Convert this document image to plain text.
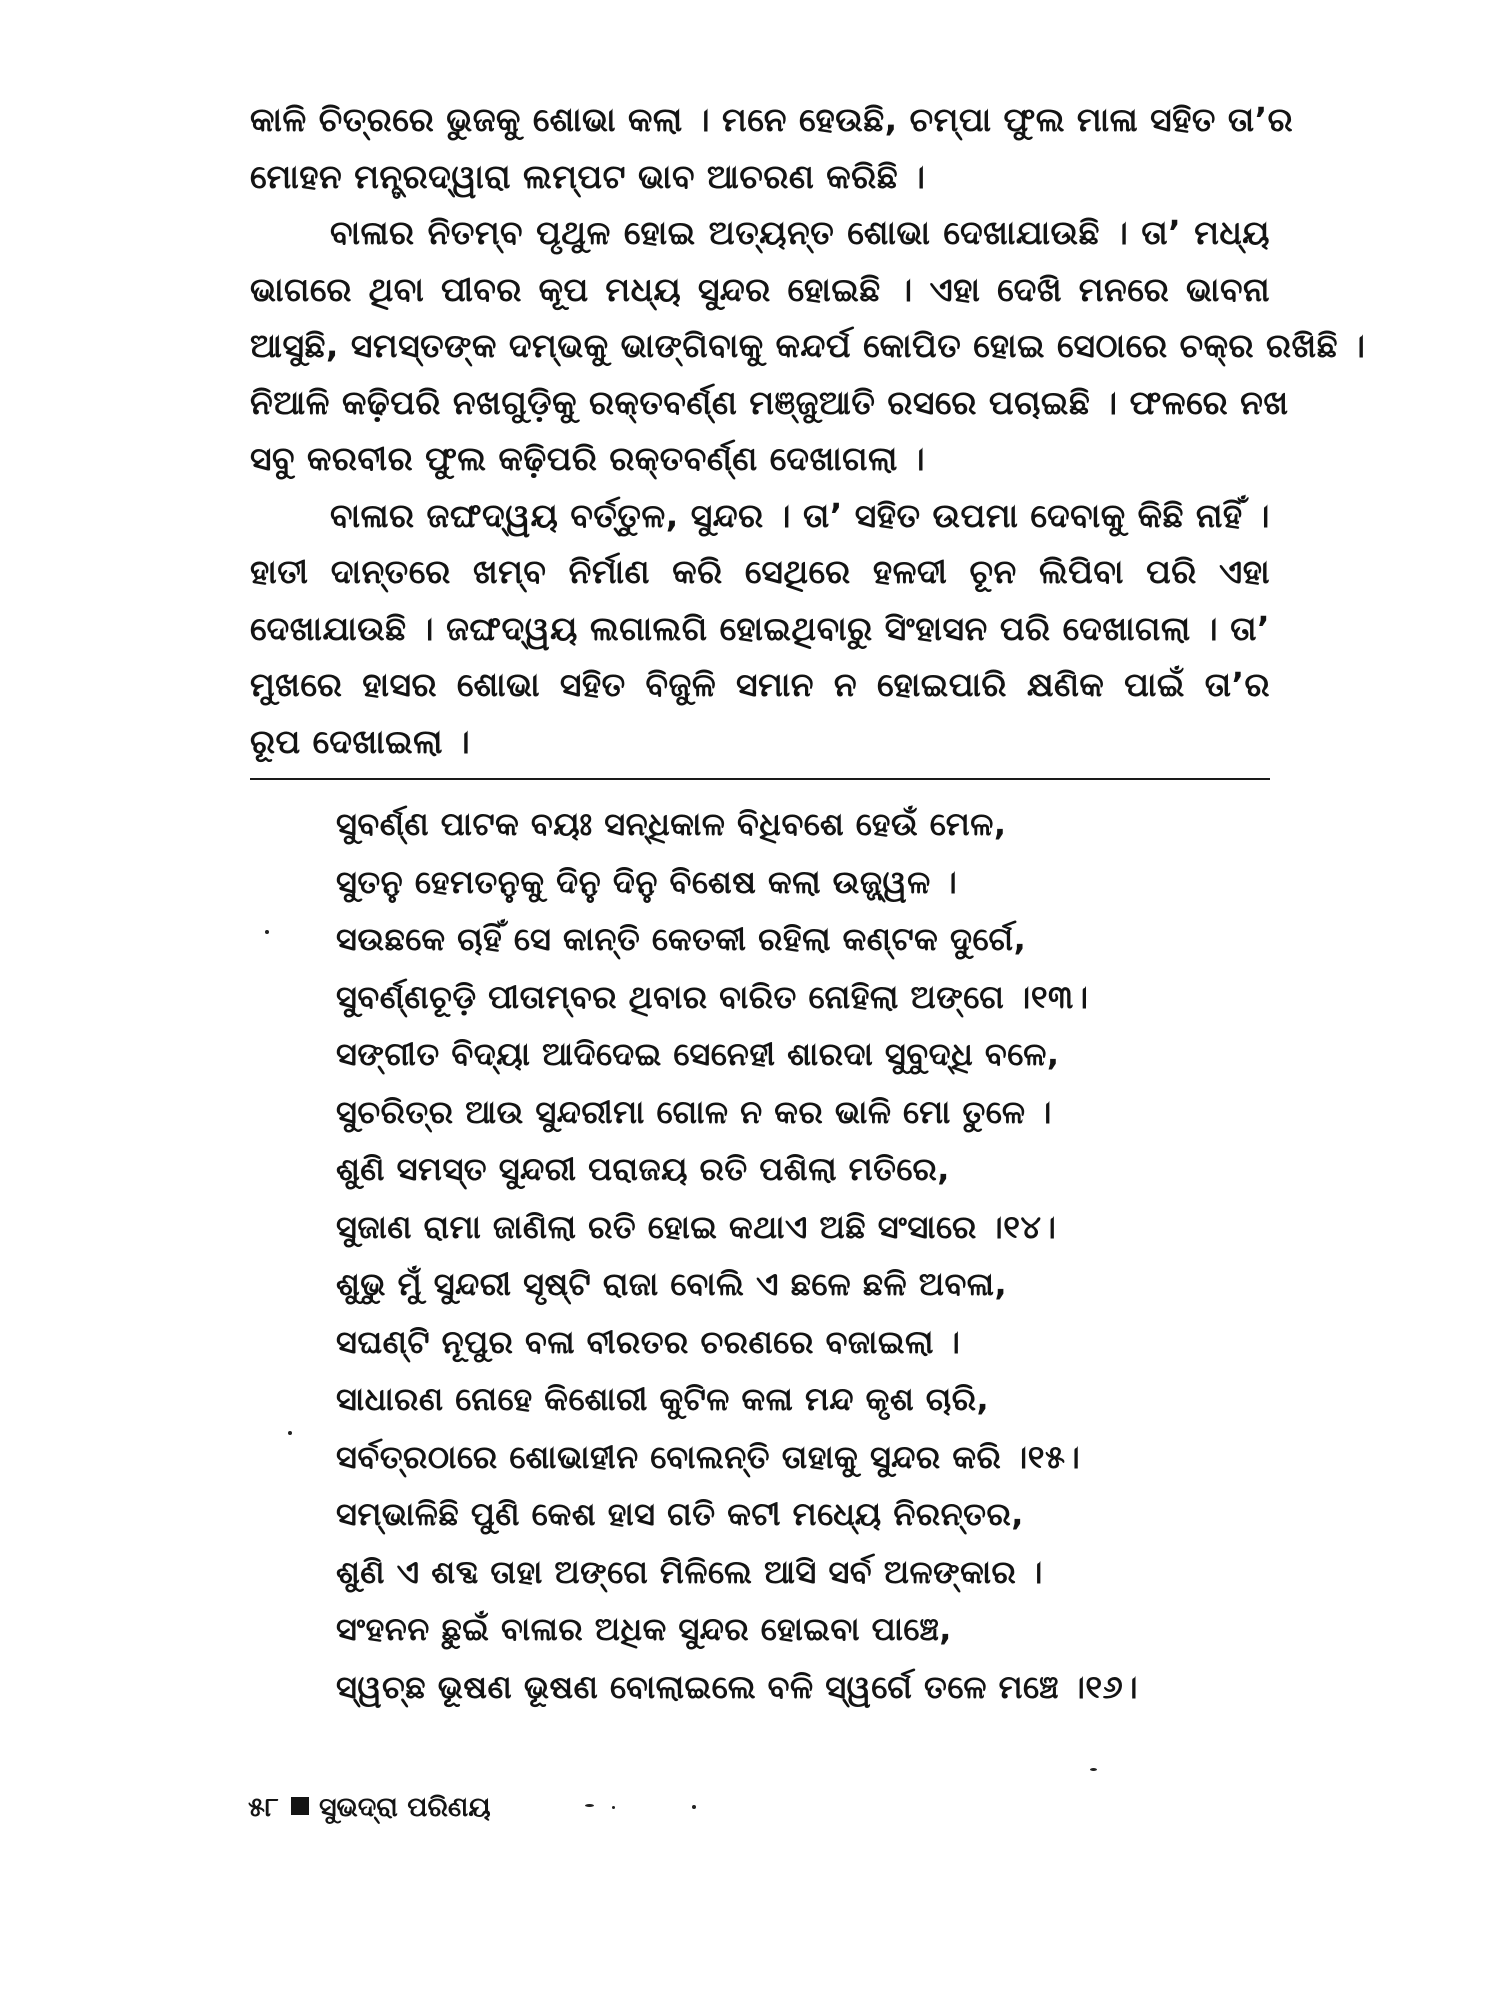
କାଳି ଚିତ୍ରରେ ଭୁଜକୁ ଶୋଭା କଲା । ମନେ ହେଉଛି, ଚମ୍ପା ଫୁଲ ମାଳା ସହିତ ତା’ର
ମୋହନ ମନ୍ତ୍ରଦ୍ୱାରା ଲମ୍ପଟ ଭାବ ଆଚରଣ କରିଛି ।
ବାଳାର ନିତମ୍ବ ପୃଥୁଳ ହୋଇ ଅତ୍ୟନ୍ତ ଶୋଭା ଦେଖାଯାଉଛି । ତା’ ମଧ୍ୟ
ଭାଗରେ ଥିବା ପୀବର କୂପ ମଧ୍ୟ ସୁନ୍ଦର ହୋଇଛି । ଏହା ଦେଖି ମନରେ ଭାବନା
ଆସୁଛି, ସମସ୍ତଙ୍କ ଦମ୍ଭକୁ ଭାଙ୍ଗିବାକୁ କନ୍ଦର୍ପ କୋପିତ ହୋଇ ସେଠାରେ ଚକ୍ର ରଖିଛି ।
ନିଆଳି କଢ଼ିପରି ନଖଗୁଡ଼ିକୁ ରକ୍ତବର୍ଣ୍ଣ ମଞ୍ଜୁଆତି ରସରେ ପଚାଇଛି । ଫଳରେ ନଖ
ସବୁ କରବୀର ଫୁଲ କଢ଼ିପରି ରକ୍ତବର୍ଣ୍ଣ ଦେଖାଗଲା ।
ବାଳାର ଜଙ୍ଘଦ୍ୱୟ ବର୍ତ୍ତୁଳ, ସୁନ୍ଦର । ତା’ ସହିତ ଉପମା ଦେବାକୁ କିଛି ନାହିଁ ।
ହାତୀ ଦାନ୍ତରେ ଖମ୍ବ ନିର୍ମାଣ କରି ସେଥିରେ ହଳଦୀ ଚୂନ ଲିପିବା ପରି ଏହା
ଦେଖାଯାଉଛି । ଜଙ୍ଘଦ୍ୱୟ ଲଗାଲଗି ହୋଇଥିବାରୁ ସିଂହାସନ ପରି ଦେଖାଗଲା । ତା’
ମୁଖରେ ହାସର ଶୋଭା ସହିତ ବିଜୁଳି ସମାନ ନ ହୋଇପାରି କ୍ଷଣିକ ପାଇଁ ତା’ର
ରୂପ ଦେଖାଇଲା ।
ସୁବର୍ଣ୍ଣ ପାଟକ ବୟଃ ସନ୍ଧିକାଳ ବିଧିବଶେ ହେଉଁ ମେଳ,
ସୁତନୁ ହେମତନୁକୁ ଦିନୁ ଦିନୁ ବିଶେଷ କଲା ଉଜ୍ଜ୍ୱଳ ।
ସଉଛକେ ଚାହିଁ ସେ କାନ୍ତି କେତକୀ ରହିଲା କଣ୍ଟକ ଦୁର୍ଗେ,
ସୁବର୍ଣ୍ଣଚୂଡ଼ି ପୀତାମ୍ବର ଥିବାର ବାରିତ ନୋହିଲା ଅଙ୍ଗେ ।୧୩।
ସଙ୍ଗୀତ ବିଦ୍ୟା ଆଦିଦେଇ ସେନେହୀ ଶାରଦା ସୁବୁଦ୍ଧି ବଳେ,
ସୁଚରିତ୍ର ଆଉ ସୁନ୍ଦରୀମା ଗୋଳ ନ କର ଭାଳି ମୋ ତୁଳେ ।
ଶୁଣି ସମସ୍ତ ସୁନ୍ଦରୀ ପରାଜୟ ରତି ପଶିଲା ମତିରେ,
ସୁଜାଣ ରାମା ଜାଣିଲା ରତି ହୋଇ କଥାଏ ଅଛି ସଂସାରେ ।୧୪।
ଶୁଭୁ ମୁଁ ସୁନ୍ଦରୀ ସୃଷ୍ଟି ରାଜା ବୋଲି ଏ ଛଳେ ଛଳି ଅବଳା,
ସଘଣ୍ଟି ନୂପୁର ବଳା ବୀରତର ଚରଣରେ ବଜାଇଲା ।
ସାଧାରଣ ନୋହେ କିଶୋରୀ କୁଟିଳ କଳା ମନ୍ଦ କୃଶ ଚାରି,
ସର୍ବତ୍ରଠାରେ ଶୋଭାହୀନ ବୋଲନ୍ତି ତାହାକୁ ସୁନ୍ଦର କରି ।୧୫।
ସମ୍ଭାଳିଛି ପୁଣି କେଶ ହାସ ଗତି କଟୀ ମଧ୍ୟେ ନିରନ୍ତର,
ଶୁଣି ଏ ଶବ୍ଦ ତାହା ଅଙ୍ଗେ ମିଳିଲେ ଆସି ସର୍ବ ଅଳଙ୍କାର ।
ସଂହନନ ଛୁଇଁ ବାଳାର ଅଧିକ ସୁନ୍ଦର ହୋଇବା ପାଞ୍ଚେ,
ସ୍ୱଚ୍ଛ ଭୂଷଣ ଭୂଷଣ ବୋଲାଇଲେ ବଳି ସ୍ୱର୍ଗେ ତଳେ ମଞ୍ଚେ ।୧୬।
୫୮ ସୁଭଦ୍ରା ପରିଣୟ
